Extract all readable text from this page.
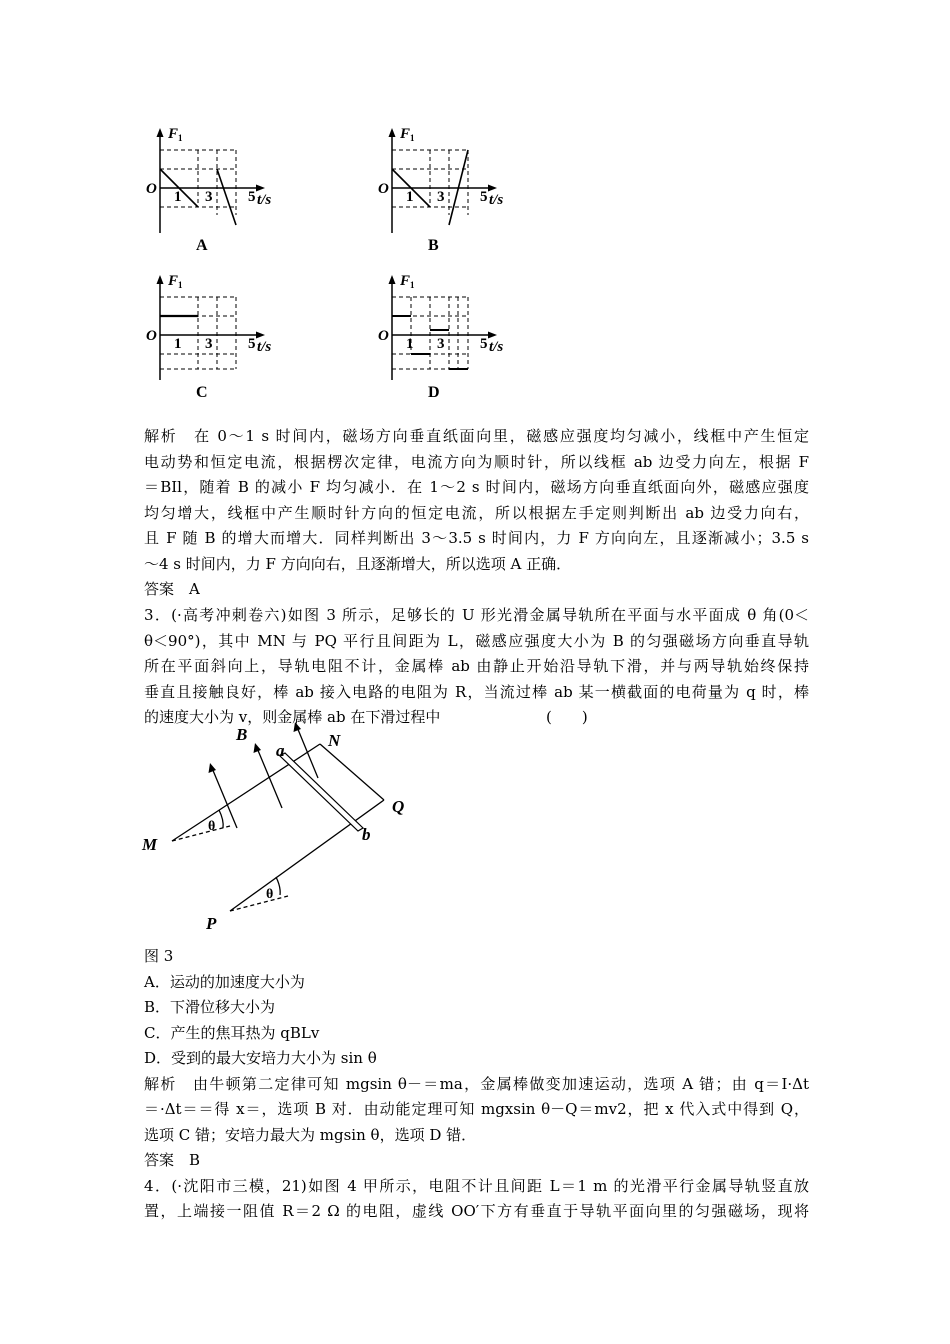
F 1
O 1 3 5 t/s
A
F 1
O 1 3 5 t/s
B
F 1
O 1 3 5 t/s
C
F 1
O 1 3 5 t/s
D
解析　在 0～1 s 时间内，磁场方向垂直纸面向里，磁感应强度均匀减小，线框中产生恒定
电动势和恒定电流，根据楞次定律，电流方向为顺时针，所以线框 ab 边受力向左，根据 F
＝BIl，随着 B 的减小 F 均匀减小．在 1～2 s 时间内，磁场方向垂直纸面向外，磁感应强度
均匀增大，线框中产生顺时针方向的恒定电流，所以根据左手定则判断出 ab 边受力向右，
且 F 随 B 的增大而增大．同样判断出 3～3.5 s 时间内，力 F 方向向左，且逐渐减小；3.5 s
～4 s 时间内，力 F 方向向右，且逐渐增大，所以选项 A 正确．
答案　A
3．(·高考冲刺卷六)如图 3 所示，足够长的 U 形光滑金属导轨所在平面与水平面成 θ 角(0＜
θ＜90°)，其中 MN 与 PQ 平行且间距为 L，磁感应强度大小为 B 的匀强磁场方向垂直导轨
所在平面斜向上，导轨电阻不计，金属棒 ab 由静止开始沿导轨下滑，并与两导轨始终保持
垂直且接触良好，棒 ab 接入电路的电阻为 R，当流过棒 ab 某一横截面的电荷量为 q 时，棒
的速度大小为 v，则金属棒 ab 在下滑过程中	(　　)
B
a
N
Q
b
M
P
θ
θ
图 3
A．运动的加速度大小为
B．下滑位移大小为
C．产生的焦耳热为 qBLv
D．受到的最大安培力大小为 sin θ
解析　由牛顿第二定律可知 mgsin θ－＝ma，金属棒做变加速运动，选项 A 错；由 q＝I·Δt
＝·Δt＝＝得 x＝，选项 B 对．由动能定理可知 mgxsin θ－Q＝mv2，把 x 代入式中得到 Q，
选项 C 错；安培力最大为 mgsin θ，选项 D 错．
答案　B
4．(·沈阳市三模，21)如图 4 甲所示，电阻不计且间距 L＝1 m 的光滑平行金属导轨竖直放
置，上端接一阻值 R＝2 Ω 的电阻，虚线 OO′下方有垂直于导轨平面向里的匀强磁场，现将
